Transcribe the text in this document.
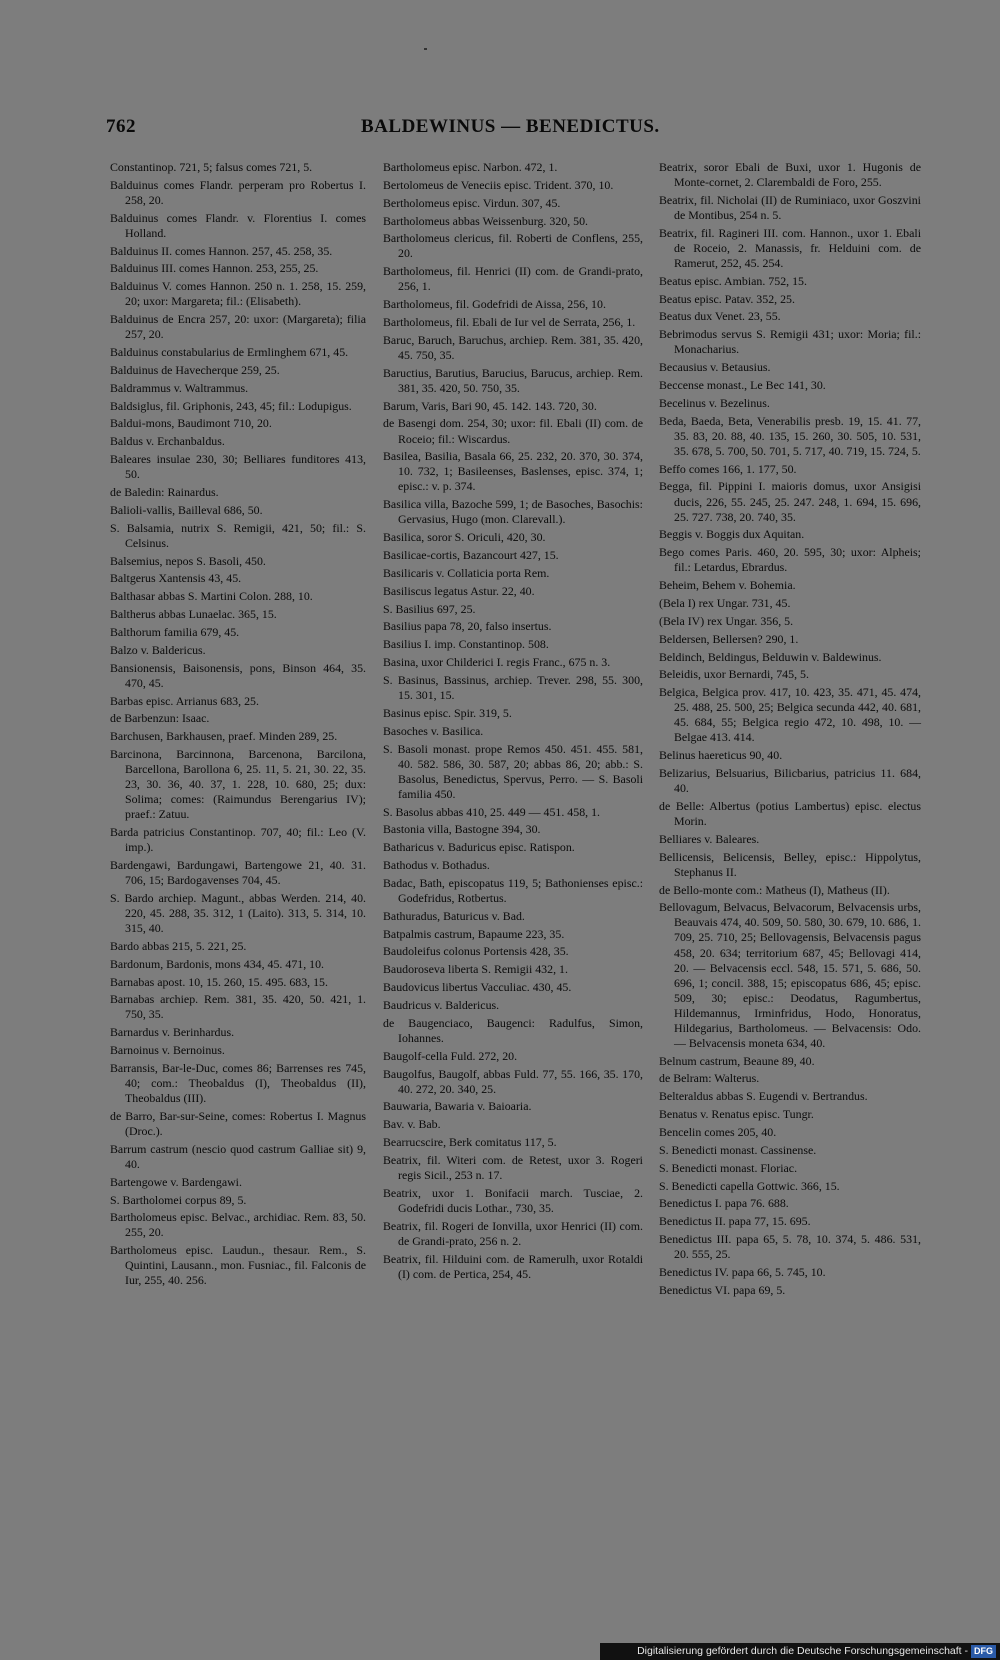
762	BALDEWINUS — BENEDICTUS.

Constantinop. 721, 5; falsus comes 721, 5.

Balduinus comes Flandr. perperam pro Robertus I. 258, 20.

Balduinus comes Flandr. v. Florentius I. comes Holland.

Balduinus II. comes Hannon. 257, 45. 258, 35.

Balduinus III. comes Hannon. 253, 255, 25.

Balduinus V. comes Hannon. 250 n. 1. 258, 15. 259, 20; uxor: Margareta; fil.: (Elisabeth).

Balduinus de Encra 257, 20: uxor: (Margareta); filia 257, 20.

Balduinus constabularius de Ermlinghem 671, 45.

Balduinus de Havecherque 259, 25.

Baldrammus v. Waltrammus.

Baldsiglus, fil. Griphonis, 243, 45; fil.: Lodupigus.

Baldui-mons, Baudimont 710, 20.

Baldus v. Erchanbaldus.

Baleares insulae 230, 30; Belliares funditores 413, 50.

de Baledin: Rainardus.

Balioli-vallis, Bailleval 686, 50.

S. Balsamia, nutrix S. Remigii, 421, 50; fil.: S. Celsinus.

Balsemius, nepos S. Basoli, 450.

Baltgerus Xantensis 43, 45.

Balthasar abbas S. Martini Colon. 288, 10.

Baltherus abbas Lunaelac. 365, 15.

Balthorum familia 679, 45.

Balzo v. Baldericus.

Bansionensis, Baisonensis, pons, Binson 464, 35. 470, 45.

Barbas episc. Arrianus 683, 25.

de Barbenzun: Isaac.

Barchusen, Barkhausen, praef. Minden 289, 25.

Barcinona, Barcinnona, Barcenona, Barcilona, Barcellona, Barollona 6, 25. 11, 5. 21, 30. 22, 35. 23, 30. 36, 40. 37, 1. 228, 10. 680, 25; dux: Solima; comes: (Raimundus Berengarius IV); praef.: Zatuu.

Barda patricius Constantinop. 707, 40; fil.: Leo (V. imp.).

Bardengawi, Bardungawi, Bartengowe 21, 40. 31. 706, 15; Bardogavenses 704, 45.

S. Bardo archiep. Magunt., abbas Werden. 214, 40. 220, 45. 288, 35. 312, 1 (Laito). 313, 5. 314, 10. 315, 40.

Bardo abbas 215, 5. 221, 25.

Bardonum, Bardonis, mons 434, 45. 471, 10.

Barnabas apost. 10, 15. 260, 15. 495. 683, 15.

Barnabas archiep. Rem. 381, 35. 420, 50. 421, 1. 750, 35.

Barnardus v. Berinhardus.

Barnoinus v. Bernoinus.

Barransis, Bar-le-Duc, comes 86; Barrenses res 745, 40; com.: Theobaldus (I), Theobaldus (II), Theobaldus (III).

de Barro, Bar-sur-Seine, comes: Robertus I. Magnus (Droc.).

Barrum castrum (nescio quod castrum Galliae sit) 9, 40.

Bartengowe v. Bardengawi.

S. Bartholomei corpus 89, 5.

Bartholomeus episc. Belvac., archidiac. Rem. 83, 50. 255, 20.

Bartholomeus episc. Laudun., thesaur. Rem., S. Quintini, Lausann., mon. Fusniac., fil. Falconis de Iur, 255, 40. 256.

Bartholomeus episc. Narbon. 472, 1.

Bertolomeus de Veneciis episc. Trident. 370, 10.

Bertholomeus episc. Virdun. 307, 45.

Bartholomeus abbas Weissenburg. 320, 50.

Bartholomeus clericus, fil. Roberti de Conflens, 255, 20.

Bartholomeus, fil. Henrici (II) com. de Grandi-prato, 256, 1.

Bartholomeus, fil. Godefridi de Aissa, 256, 10.

Bartholomeus, fil. Ebali de Iur vel de Serrata, 256, 1.

Baruc, Baruch, Baruchus, archiep. Rem. 381, 35. 420, 45. 750, 35.

Baructius, Barutius, Barucius, Barucus, archiep. Rem. 381, 35. 420, 50. 750, 35.

Barum, Varis, Bari 90, 45. 142. 143. 720, 30.

de Basengi dom. 254, 30; uxor: fil. Ebali (II) com. de Roceio; fil.: Wiscardus.

Basilea, Basilia, Basala 66, 25. 232, 20. 370, 30. 374, 10. 732, 1; Basileenses, Baslenses, episc. 374, 1; episc.: v. p. 374.

Basilica villa, Bazoche 599, 1; de Basoches, Basochis: Gervasius, Hugo (mon. Clarevall.).

Basilica, soror S. Oriculi, 420, 30.

Basilicae-cortis, Bazancourt 427, 15.

Basilicaris v. Collaticia porta Rem.

Basiliscus legatus Astur. 22, 40.

S. Basilius 697, 25.

Basilius papa 78, 20, falso insertus.

Basilius I. imp. Constantinop. 508.

Basina, uxor Childerici I. regis Franc., 675 n. 3.

S. Basinus, Bassinus, archiep. Trever. 298, 55. 300, 15. 301, 15.

Basinus episc. Spir. 319, 5.

Basoches v. Basilica.

S. Basoli monast. prope Remos 450. 451. 455. 581, 40. 582. 586, 30. 587, 20; abbas 86, 20; abb.: S. Basolus, Benedictus, Spervus, Perro. — S. Basoli familia 450.

S. Basolus abbas 410, 25. 449 — 451. 458, 1.

Bastonia villa, Bastogne 394, 30.

Batharicus v. Baduricus episc. Ratispon.

Bathodus v. Bothadus.

Badac, Bath, episcopatus 119, 5; Bathonienses episc.: Godefridus, Rotbertus.

Bathuradus, Baturicus v. Bad.

Batpalmis castrum, Bapaume 223, 35.

Baudoleifus colonus Portensis 428, 35.

Baudoroseva liberta S. Remigii 432, 1.

Baudovicus libertus Vacculiac. 430, 45.

Baudricus v. Baldericus.

de Baugenciaco, Baugenci: Radulfus, Simon, Iohannes.

Baugolf-cella Fuld. 272, 20.

Baugolfus, Baugolf, abbas Fuld. 77, 55. 166, 35. 170, 40. 272, 20. 340, 25.

Bauwaria, Bawaria v. Baioaria.

Bav. v. Bab.

Bearrucscire, Berk comitatus 117, 5.

Beatrix, fil. Witeri com. de Retest, uxor 3. Rogeri regis Sicil., 253 n. 17.

Beatrix, uxor 1. Bonifacii march. Tusciae, 2. Godefridi ducis Lothar., 730, 35.

Beatrix, fil. Rogeri de Ionvilla, uxor Henrici (II) com. de Grandi-prato, 256 n. 2.

Beatrix, fil. Hilduini com. de Ramerulh, uxor Rotaldi (I) com. de Pertica, 254, 45.

Beatrix, soror Ebali de Buxi, uxor 1. Hugonis de Monte-cornet, 2. Clarembaldi de Foro, 255.

Beatrix, fil. Nicholai (II) de Ruminiaco, uxor Goszvini de Montibus, 254 n. 5.

Beatrix, fil. Ragineri III. com. Hannon., uxor 1. Ebali de Roceio, 2. Manassis, fr. Helduini com. de Ramerut, 252, 45. 254.

Beatus episc. Ambian. 752, 15.

Beatus episc. Patav. 352, 25.

Beatus dux Venet. 23, 55.

Bebrimodus servus S. Remigii 431; uxor: Moria; fil.: Monacharius.

Becausius v. Betausius.

Beccense monast., Le Bec 141, 30.

Becelinus v. Bezelinus.

Beda, Baeda, Beta, Venerabilis presb. 19, 15. 41. 77, 35. 83, 20. 88, 40. 135, 15. 260, 30. 505, 10. 531, 35. 678, 5. 700, 50. 701, 5. 717, 40. 719, 15. 724, 5.

Beffo comes 166, 1. 177, 50.

Begga, fil. Pippini I. maioris domus, uxor Ansigisi ducis, 226, 55. 245, 25. 247. 248, 1. 694, 15. 696, 25. 727. 738, 20. 740, 35.

Beggis v. Boggis dux Aquitan.

Bego comes Paris. 460, 20. 595, 30; uxor: Alpheis; fil.: Letardus, Ebrardus.

Beheim, Behem v. Bohemia.

(Bela I) rex Ungar. 731, 45.

(Bela IV) rex Ungar. 356, 5.

Beldersen, Bellersen? 290, 1.

Beldinch, Beldingus, Belduwin v. Baldewinus.

Beleidis, uxor Bernardi, 745, 5.

Belgica, Belgica prov. 417, 10. 423, 35. 471, 45. 474, 25. 488, 25. 500, 25; Belgica secunda 442, 40. 681, 45. 684, 55; Belgica regio 472, 10. 498, 10. — Belgae 413. 414.

Belinus haereticus 90, 40.

Belizarius, Belsuarius, Bilicbarius, patricius 11. 684, 40.

de Belle: Albertus (potius Lambertus) episc. electus Morin.

Belliares v. Baleares.

Bellicensis, Belicensis, Belley, episc.: Hippolytus, Stephanus II.

de Bello-monte com.: Matheus (I), Matheus (II).

Bellovagum, Belvacus, Belvacorum, Belvacensis urbs, Beauvais 474, 40. 509, 50. 580, 30. 679, 10. 686, 1. 709, 25. 710, 25; Bellovagensis, Belvacensis pagus 458, 20. 634; territorium 687, 45; Bellovagi 414, 20. — Belvacensis eccl. 548, 15. 571, 5. 686, 50. 696, 1; concil. 388, 15; episcopatus 686, 45; episc. 509, 30; episc.: Deodatus, Ragumbertus, Hildemannus, Irminfridus, Hodo, Honoratus, Hildegarius, Bartholomeus. — Belvacensis: Odo. — Belvacensis moneta 634, 40.

Belnum castrum, Beaune 89, 40.

de Belram: Walterus.

Belteraldus abbas S. Eugendi v. Bertrandus.

Benatus v. Renatus episc. Tungr.

Bencelin comes 205, 40.

S. Benedicti monast. Cassinense.

S. Benedicti monast. Floriac.

S. Benedicti capella Gottwic. 366, 15.

Benedictus I. papa 76. 688.

Benedictus II. papa 77, 15. 695.

Benedictus III. papa 65, 5. 78, 10. 374, 5. 486. 531, 20. 555, 25.

Benedictus IV. papa 66, 5. 745, 10.

Benedictus VI. papa 69, 5.

Digitalisierung gefördert durch die Deutsche Forschungsgemeinschaft - DFG
